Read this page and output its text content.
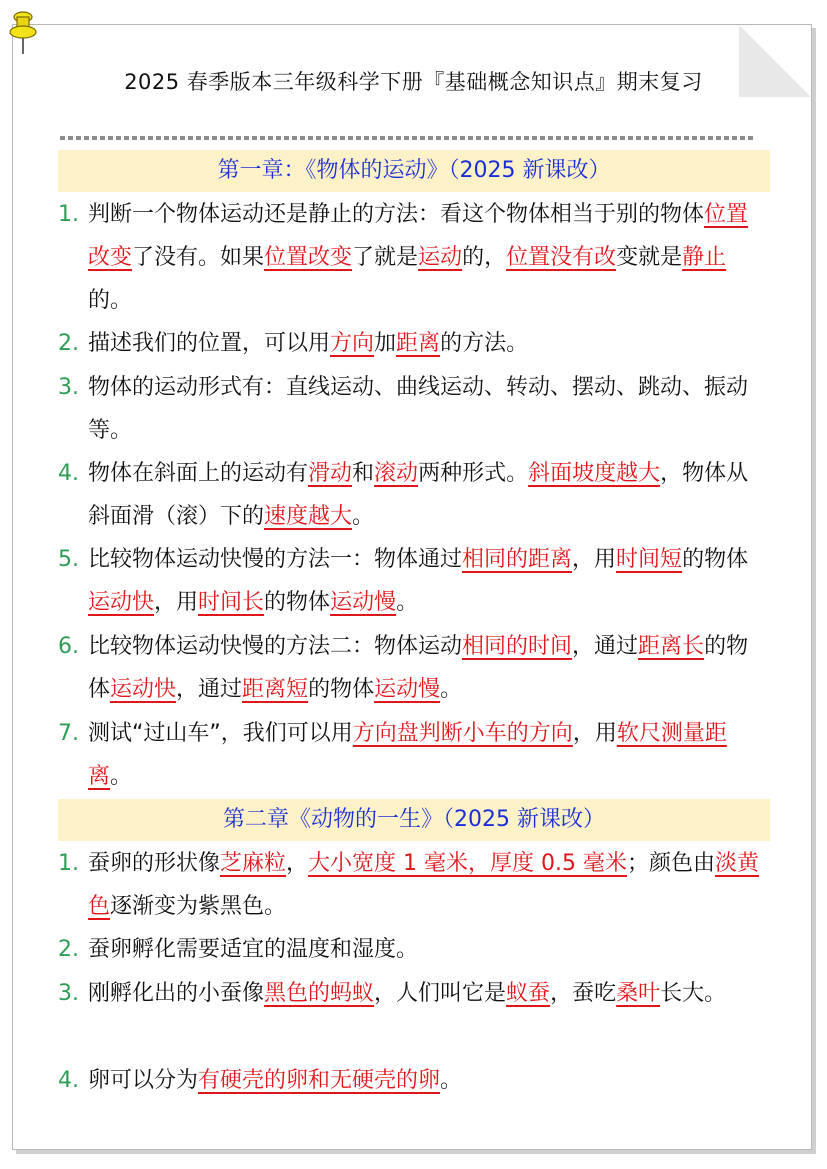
2025 春季版本三年级科学下册『基础概念知识点』期末复习
第一章：《物体的运动》（2025 新课改）
1. 判断一个物体运动还是静止的方法：看这个物体相当于别的物体位置改变了没有。如果位置改变了就是运动的，位置没有改变就是静止的。
2. 描述我们的位置，可以用方向加距离的方法。
3. 物体的运动形式有：直线运动、曲线运动、转动、摆动、跳动、振动等。
4. 物体在斜面上的运动有滑动和滚动两种形式。斜面坡度越大，物体从斜面滑（滚）下的速度越大。
5. 比较物体运动快慢的方法一：物体通过相同的距离，用时间短的物体运动快，用时间长的物体运动慢。
6. 比较物体运动快慢的方法二：物体运动相同的时间，通过距离长的物体运动快，通过距离短的物体运动慢。
7. 测试“过山车”，我们可以用方向盘判断小车的方向，用软尺测量距离。
第二章《动物的一生》（2025 新课改）
1. 蚕卵的形状像芝麻粒，大小宽度 1 毫米，厚度 0.5 毫米；颜色由淡黄色逐渐变为紫黑色。
2. 蚕卵孵化需要适宜的温度和湿度。
3. 刚孵化出的小蚕像黑色的蚂蚁，人们叫它是蚁蚕，蚕吃桑叶长大。
4. 卵可以分为有硬壳的卵和无硬壳的卵。
